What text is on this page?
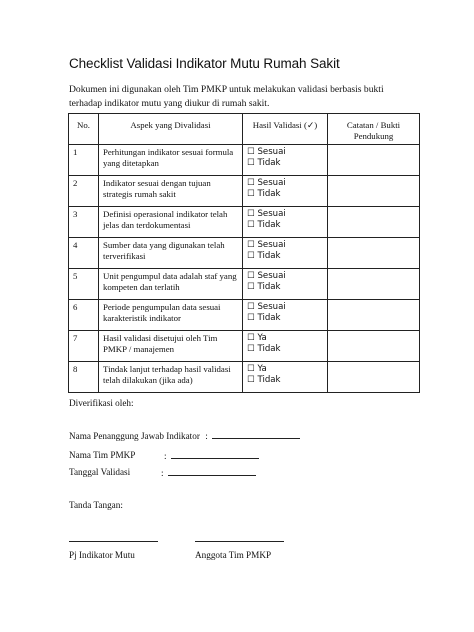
Checklist Validasi Indikator Mutu Rumah Sakit
Dokumen ini digunakan oleh Tim PMKP untuk melakukan validasi berbasis bukti terhadap indikator mutu yang diukur di rumah sakit.
No.	Aspek yang Divalidasi	Hasil Validasi (✓)	Catatan / Bukti Pendukung
1	Perhitungan indikator sesuai formula yang ditetapkan	☐ Sesuai
☐ Tidak	

2	Indikator sesuai dengan tujuan strategis rumah sakit	☐ Sesuai
☐ Tidak	

3	Definisi operasional indikator telah jelas dan terdokumentasi	☐ Sesuai
☐ Tidak	

4	Sumber data yang digunakan telah terverifikasi	☐ Sesuai
☐ Tidak	

5	Unit pengumpul data adalah staf yang kompeten dan terlatih	☐ Sesuai
☐ Tidak	

6	Periode pengumpulan data sesuai karakteristik indikator	☐ Sesuai
☐ Tidak	

7	Hasil validasi disetujui oleh Tim PMKP / manajemen	☐ Ya
☐ Tidak	

8	Tindak lanjut terhadap hasil validasi telah dilakukan (jika ada)	☐ Ya
☐ Tidak	

Diverifikasi oleh:
Nama Penanggung Jawab Indikator :
Nama Tim PMKP	:
Tanggal Validasi	:
Tanda Tangan:
Pj Indikator Mutu	Anggota Tim PMKP
